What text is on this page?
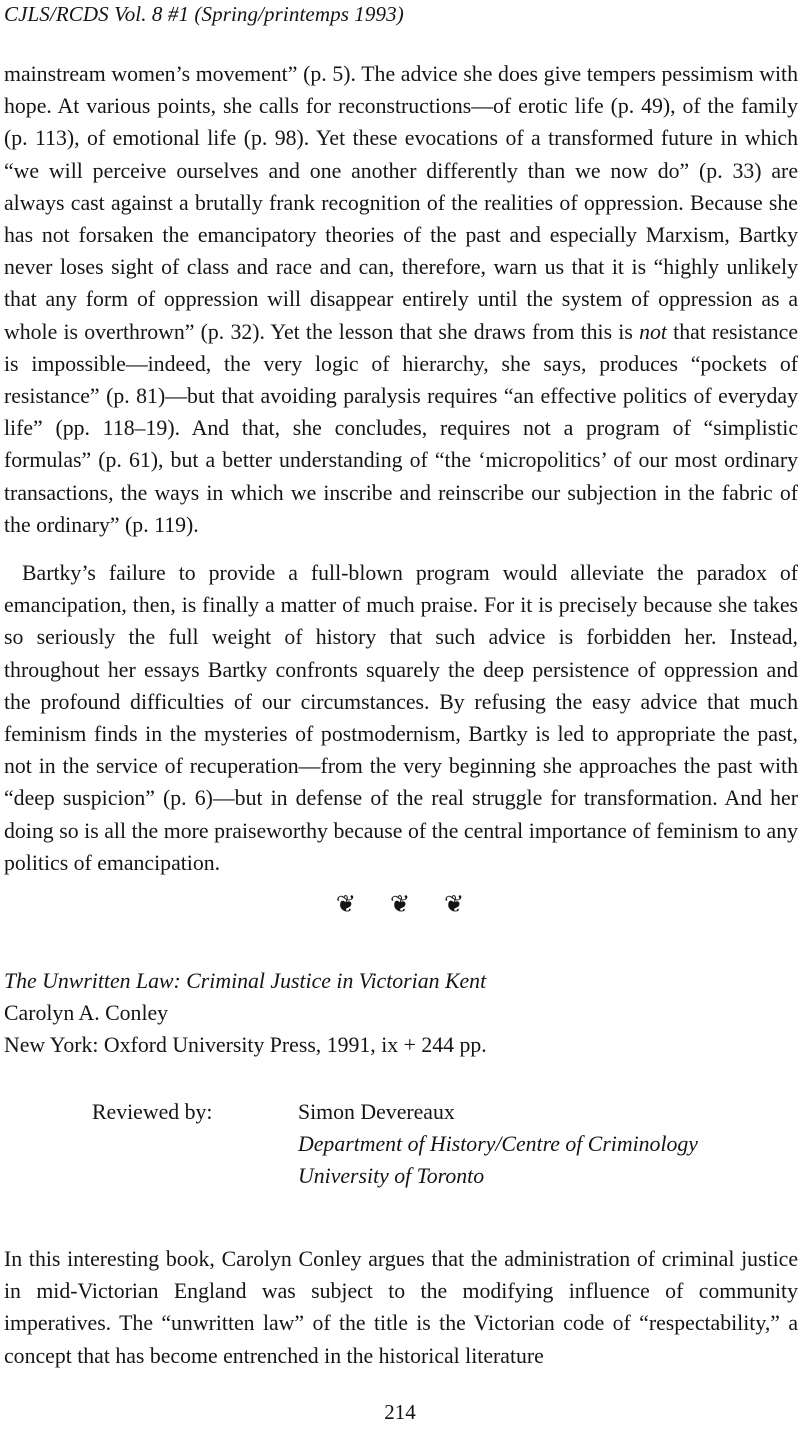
CJLS/RCDS Vol. 8 #1 (Spring/printemps 1993)

mainstream women’s movement” (p. 5). The advice she does give tempers pessimism with hope. At various points, she calls for reconstructions—of erotic life (p. 49), of the family (p. 113), of emotional life (p. 98). Yet these evocations of a transformed future in which “we will perceive ourselves and one another differently than we now do” (p. 33) are always cast against a brutally frank recognition of the realities of oppression. Because she has not forsaken the emancipatory theories of the past and especially Marxism, Bartky never loses sight of class and race and can, therefore, warn us that it is “highly unlikely that any form of oppression will disappear entirely until the system of oppression as a whole is overthrown” (p. 32). Yet the lesson that she draws from this is not that resistance is impossible—indeed, the very logic of hierarchy, she says, produces “pockets of resistance” (p. 81)—but that avoiding paralysis requires “an effective politics of everyday life” (pp. 118–19). And that, she concludes, requires not a program of “simplistic formulas” (p. 61), but a better understanding of “the ‘micropolitics’ of our most ordinary transactions, the ways in which we inscribe and reinscribe our subjection in the fabric of the ordinary” (p. 119).

Bartky’s failure to provide a full-blown program would alleviate the paradox of emancipation, then, is finally a matter of much praise. For it is precisely because she takes so seriously the full weight of history that such advice is forbidden her. Instead, throughout her essays Bartky confronts squarely the deep persistence of oppression and the profound difficulties of our circumstances. By refusing the easy advice that much feminism finds in the mysteries of postmodernism, Bartky is led to appropriate the past, not in the service of recuperation—from the very beginning she approaches the past with “deep suspicion” (p. 6)—but in defense of the real struggle for transformation. And her doing so is all the more praiseworthy because of the central importance of feminism to any politics of emancipation.

❦ ❦ ❦
The Unwritten Law: Criminal Justice in Victorian Kent
Carolyn A. Conley
New York: Oxford University Press, 1991, ix + 244 pp.
Reviewed by:	Simon Devereaux
Department of History/Centre of Criminology
University of Toronto

In this interesting book, Carolyn Conley argues that the administration of criminal justice in mid-Victorian England was subject to the modifying influence of community imperatives. The “unwritten law” of the title is the Victorian code of “respectability,” a concept that has become entrenched in the historical literature

214
